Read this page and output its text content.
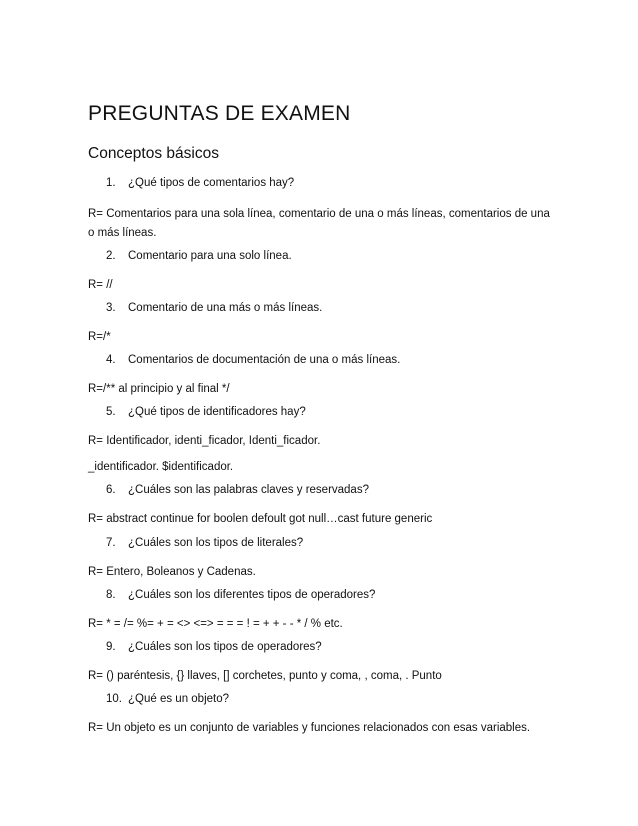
PREGUNTAS DE EXAMEN
Conceptos básicos
1. ¿Qué tipos de comentarios hay?
R= Comentarios para una sola línea, comentario de una o más líneas, comentarios de una o más líneas.
2. Comentario para una solo línea.
R= //
3. Comentario de una más o más líneas.
R=/*
4. Comentarios de documentación de una o más líneas.
R=/** al principio y al final */
5. ¿Qué tipos de identificadores hay?
R= Identificador, identi_ficador, Identi_ficador.
_identificador. $identificador.
6. ¿Cuáles son las palabras claves y reservadas?
R= abstract continue for boolen defoult got null…cast future generic
7. ¿Cuáles son los tipos de literales?
R= Entero, Boleanos y Cadenas.
8. ¿Cuáles son los diferentes tipos de operadores?
R= * = /= %= + = <> <=> = = = ! = + + - - * / % etc.
9. ¿Cuáles son los tipos de operadores?
R= () paréntesis, {} llaves, [] corchetes, punto y coma, , coma, . Punto
10. ¿Qué es un objeto?
R= Un objeto es un conjunto de variables y funciones relacionados con esas variables.
